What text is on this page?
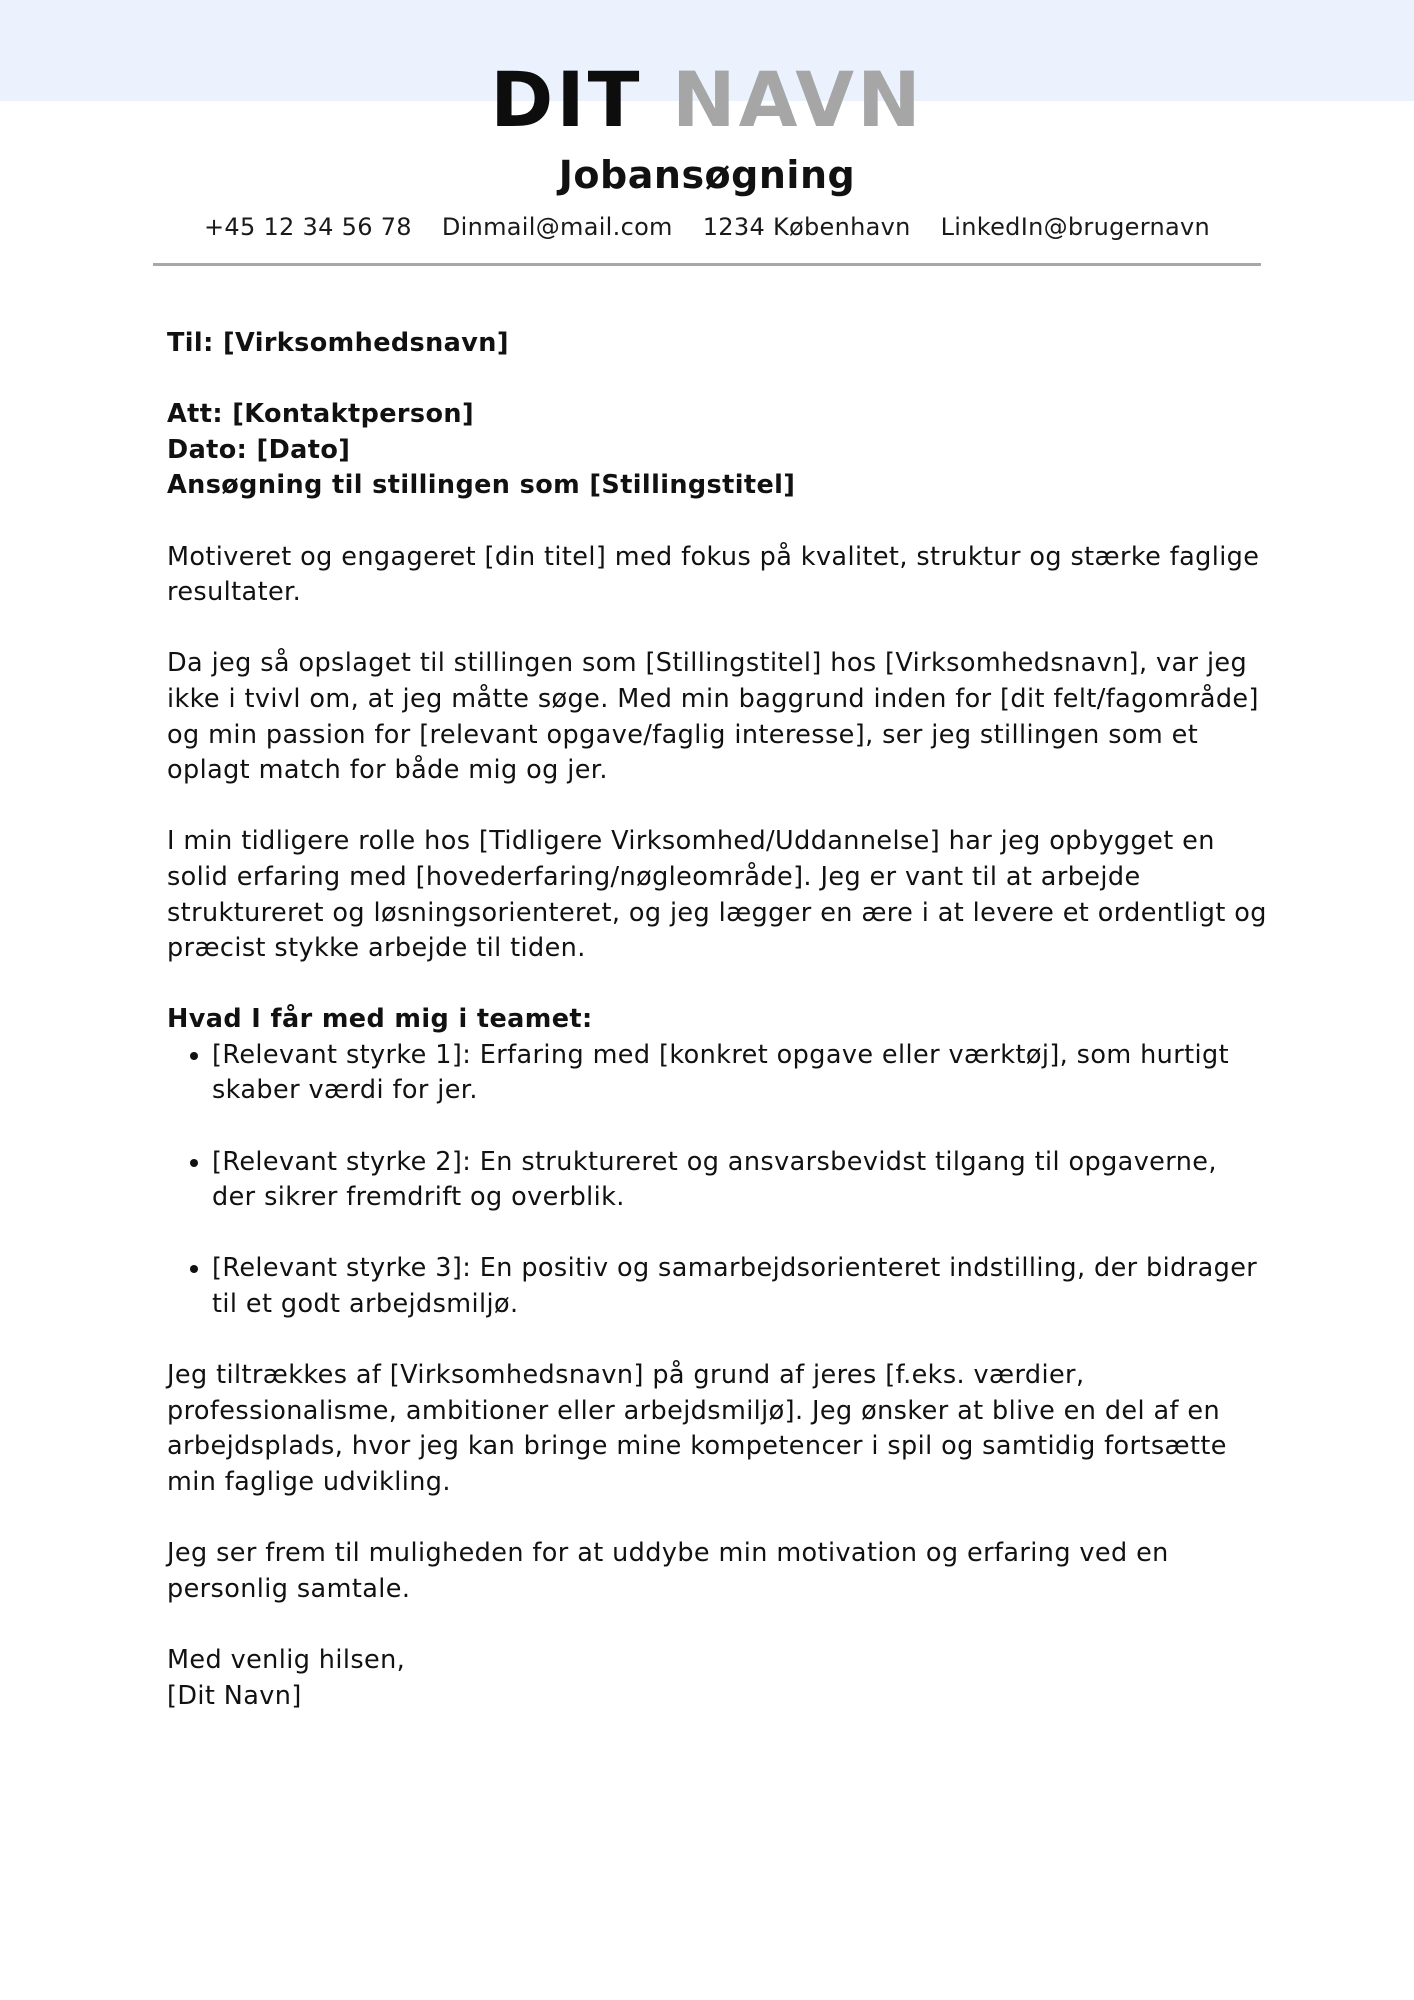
DIT NAVN
Jobansøgning
+45 12 34 56 78 Dinmail@mail.com 1234 København LinkedIn@brugernavn

Til: [Virksomhedsnavn]

Att: [Kontaktperson]

Dato: [Dato]

Ansøgning til stillingen som [Stillingstitel]

Motiveret og engageret [din titel] med fokus på kvalitet, struktur og stærke faglige resultater.

Da jeg så opslaget til stillingen som [Stillingstitel] hos [Virksomhedsnavn], var jeg ikke i tvivl om, at jeg måtte søge. Med min baggrund inden for [dit felt/fagområde] og min passion for [relevant opgave/faglig interesse], ser jeg stillingen som et oplagt match for både mig og jer.

I min tidligere rolle hos [Tidligere Virksomhed/Uddannelse] har jeg opbygget en solid erfaring med [hovederfaring/nøgleområde]. Jeg er vant til at arbejde struktureret og løsningsorienteret, og jeg lægger en ære i at levere et ordentligt og præcist stykke arbejde til tiden.

Hvad I får med mig i teamet:

• [Relevant styrke 1]: Erfaring med [konkret opgave eller værktøj], som hurtigt skaber værdi for jer.
• [Relevant styrke 2]: En struktureret og ansvarsbevidst tilgang til opgaverne, der sikrer fremdrift og overblik.
• [Relevant styrke 3]: En positiv og samarbejdsorienteret indstilling, der bidrager til et godt arbejdsmiljø.

Jeg tiltrækkes af [Virksomhedsnavn] på grund af jeres [f.eks. værdier, professionalisme, ambitioner eller arbejdsmiljø]. Jeg ønsker at blive en del af en arbejdsplads, hvor jeg kan bringe mine kompetencer i spil og samtidig fortsætte min faglige udvikling.

Jeg ser frem til muligheden for at uddybe min motivation og erfaring ved en personlig samtale.

Med venlig hilsen,

[Dit Navn]
